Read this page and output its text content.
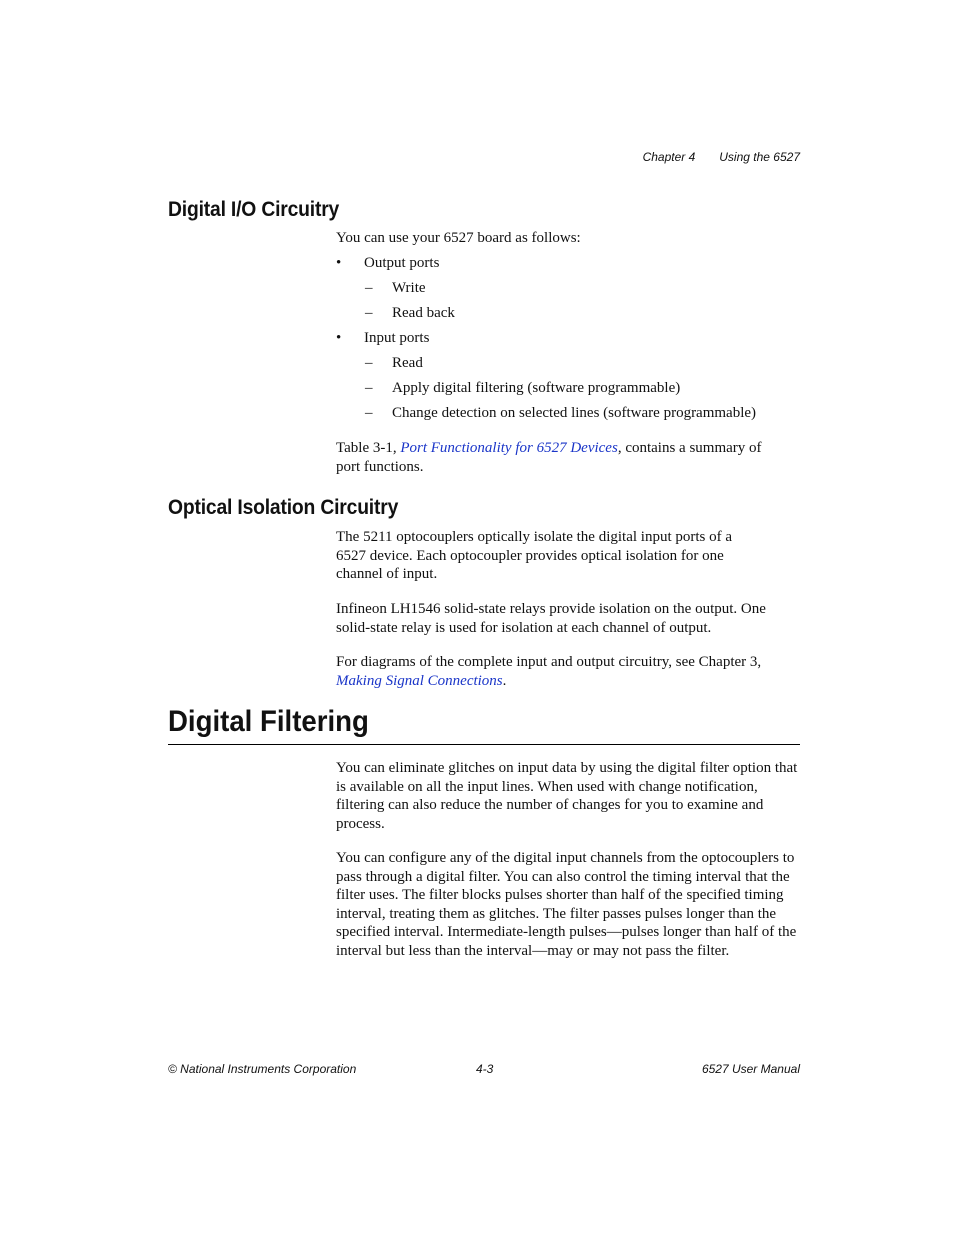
Chapter 4 Using the 6527
Digital I/O Circuitry
You can use your 6527 board as follows:
• Output ports
– Write
– Read back
• Input ports
– Read
– Apply digital filtering (software programmable)
– Change detection on selected lines (software programmable)
Table 3-1, Port Functionality for 6527 Devices, contains a summary of port functions.
Optical Isolation Circuitry
The 5211 optocouplers optically isolate the digital input ports of a 6527 device. Each optocoupler provides optical isolation for one channel of input.
Infineon LH1546 solid-state relays provide isolation on the output. One solid-state relay is used for isolation at each channel of output.
For diagrams of the complete input and output circuitry, see Chapter 3, Making Signal Connections.
Digital Filtering
You can eliminate glitches on input data by using the digital filter option that is available on all the input lines. When used with change notification, filtering can also reduce the number of changes for you to examine and process.
You can configure any of the digital input channels from the optocouplers to pass through a digital filter. You can also control the timing interval that the filter uses. The filter blocks pulses shorter than half of the specified timing interval, treating them as glitches. The filter passes pulses longer than the specified interval. Intermediate-length pulses—pulses longer than half of the interval but less than the interval—may or may not pass the filter.
© National Instruments Corporation	4-3	6527 User Manual
